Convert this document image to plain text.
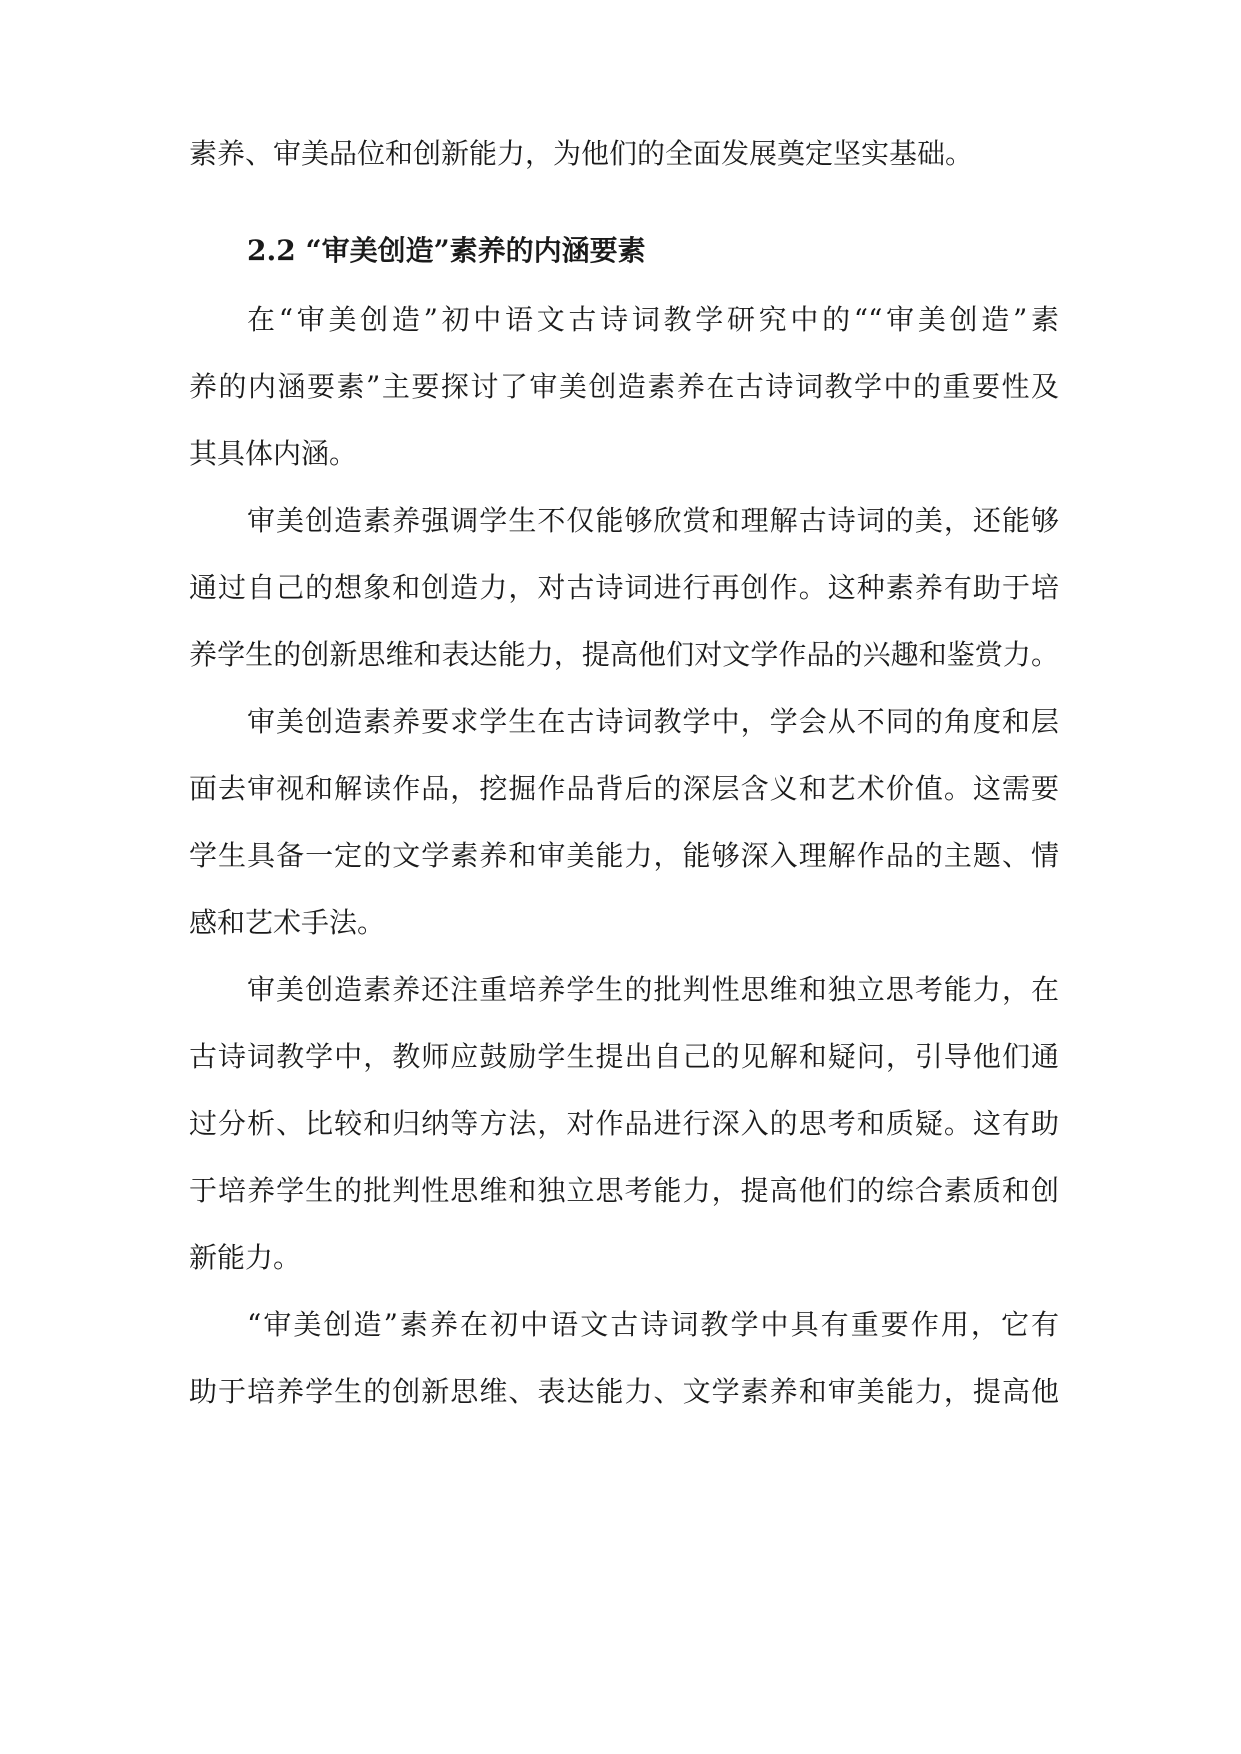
素养、审美品位和创新能力，为他们的全面发展奠定坚实基础。
2.2 “审美创造”素养的内涵要素
在“审美创造”初中语文古诗词教学研究中的““审美创造”素
养的内涵要素”主要探讨了审美创造素养在古诗词教学中的重要性及
其具体内涵。
审美创造素养强调学生不仅能够欣赏和理解古诗词的美，还能够
通过自己的想象和创造力，对古诗词进行再创作。这种素养有助于培
养学生的创新思维和表达能力，提高他们对文学作品的兴趣和鉴赏力。
审美创造素养要求学生在古诗词教学中，学会从不同的角度和层
面去审视和解读作品，挖掘作品背后的深层含义和艺术价值。这需要
学生具备一定的文学素养和审美能力，能够深入理解作品的主题、情
感和艺术手法。
审美创造素养还注重培养学生的批判性思维和独立思考能力，在
古诗词教学中，教师应鼓励学生提出自己的见解和疑问，引导他们通
过分析、比较和归纳等方法，对作品进行深入的思考和质疑。这有助
于培养学生的批判性思维和独立思考能力，提高他们的综合素质和创
新能力。
“审美创造”素养在初中语文古诗词教学中具有重要作用，它有
助于培养学生的创新思维、表达能力、文学素养和审美能力，提高他
